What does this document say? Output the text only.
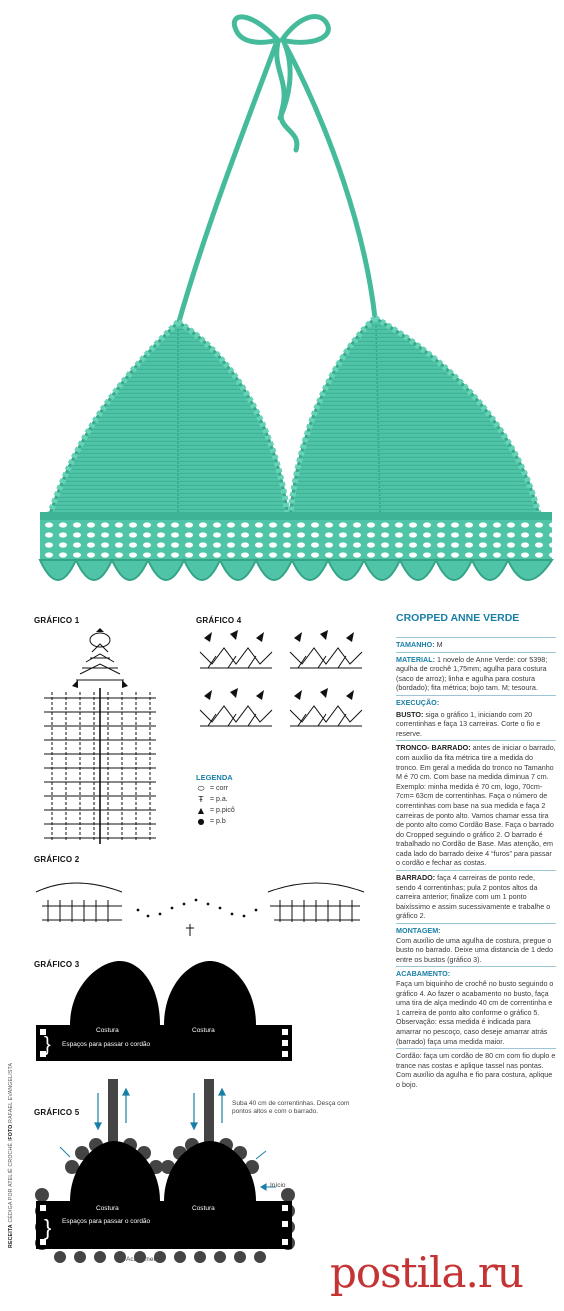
GRÁFICO 1	GRÁFICO 4
GRÁFICO 2
GRÁFICO 3
GRÁFICO 5
LEGENDA
⬭ = corr
Ŧ = p.a.
▲ = p.picô
● = p.b
}
Costura	Costura
Espaços para passar o cordão
}
Suba 40 cm de correntinhas. Desça com pontos altos e com o barrado.
Início
Costura	Costura
Espaços para passar o cordão
Acabamento
RECEITA CÉDIGA POR ATELIÊ CROCHÊ /FOTO RAFAEL EVANGELISTA
CROPPED ANNE VERDE

TAMANHO: M

MATERIAL: 1 novelo de Anne Verde: cor 5398; agulha de crochê 1,75mm; agulha para costura (saco de arroz); linha e agulha para costura (bordado); fita métrica; bojo tam. M; tesoura.

EXECUÇÃO:

BUSTO: siga o gráfico 1, iniciando com 20 correntinhas e faça 13 carreiras. Corte o fio e reserve.

TRONCO- BARRADO: antes de iniciar o barrado, com auxílio da fita métrica tire a medida do tronco. Em geral a medida do tronco no Tamanho M é 70 cm. Com base na medida diminua 7 cm. Exemplo: minha medida é 70 cm, logo, 70cm-7cm= 63cm de correntinhas. Faça o número de correntinhas com base na sua medida e faça 2 carreiras de ponto alto. Vamos chamar essa tira de ponto alto como Cordão Base. Faça o barrado do Cropped seguindo o gráfico 2. O barrado é trabalhado no Cordão de Base. Mas atenção, em cada lado do barrado deixe 4 “furos” para passar o cordão e fechar as costas.

BARRADO: faça 4 carreiras de ponto rede, sendo 4 correntinhas; pula 2 pontos altos da carreira anterior; finalize com um 1 ponto baixíssimo e assim sucessivamente e trabalhe o gráfico 2.

MONTAGEM:
Com auxílio de uma agulha de costura, pregue o busto no barrado. Deixe uma distancia de 1 dedo entre os bustos (gráfico 3).

ACABAMENTO:
Faça um biquinho de crochê no busto seguindo o gráfico 4. Ao fazer o acabamento no busto, faça uma tira de alça medindo 40 cm de correntinha e 1 carreira de ponto alto conforme o gráfico 5. Observação: essa medida é indicada para amarrar no pescoço, caso deseje amarrar atrás (barrado) faça uma medida maior.

Cordão: faça um cordão de 80 cm com fio duplo e trance nas costas e aplique tassel nas pontas. Com auxílio da agulha e fio para costura, aplique o bojo.

postila.ru
